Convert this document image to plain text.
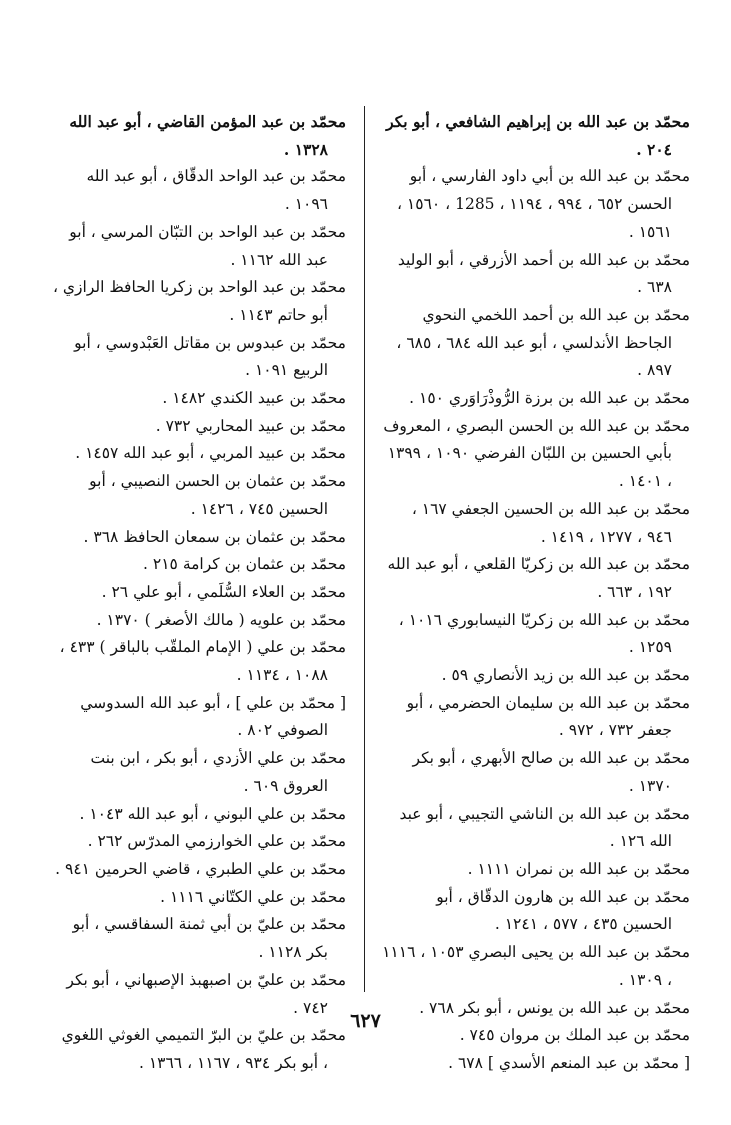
محمّد بن عبد الله بن إبراهيم الشافعي ، أبو بكر ٢٠٤ .
محمّد بن عبد الله بن أبي داود الفارسي ، أبو الحسن ٦٥٢ ، ٩٩٤ ، ١١٩٤ ، 1285 ، ١٥٦٠ ، ١٥٦١ .
محمّد بن عبد الله بن أحمد الأزرقي ، أبو الوليد ٦٣٨ .
محمّد بن عبد الله بن أحمد اللخمي النحوي الجاحظ الأندلسي ، أبو عبد الله ٦٨٤ ، ٦٨٥ ، ٨٩٧ .
محمّد بن عبد الله بن برزة الرُّوذْرَاوَري ١٥٠ .
محمّد بن عبد الله بن الحسن البصري ، المعروف بأبي الحسين بن اللبّان الفرضي ١٠٩٠ ، ١٣٩٩ ، ١٤٠١ .
محمّد بن عبد الله بن الحسين الجعفي ١٦٧ ، ٩٤٦ ، ١٢٧٧ ، ١٤١٩ .
محمّد بن عبد الله بن زكريّا القلعي ، أبو عبد الله ١٩٢ ، ٦٦٣ .
محمّد بن عبد الله بن زكريّا النيسابوري ١٠١٦ ، ١٢٥٩ .
محمّد بن عبد الله بن زيد الأنصاري ٥٩ .
محمّد بن عبد الله بن سليمان الحضرمي ، أبو جعفر ٧٣٢ ، ٩٧٢ .
محمّد بن عبد الله بن صالح الأبهري ، أبو بكر ١٣٧٠ .
محمّد بن عبد الله بن الناشي التجيبي ، أبو عبد الله ١٢٦ .
محمّد بن عبد الله بن نمران ١١١١ .
محمّد بن عبد الله بن هارون الدقّاق ، أبو الحسين ٤٣٥ ، ٥٧٧ ، ١٢٤١ .
محمّد بن عبد الله بن يحيى البصري ١٠٥٣ ، ١١١٦ ، ١٣٠٩ .
محمّد بن عبد الله بن يونس ، أبو بكر ٧٦٨ .
محمّد بن عبد الملك بن مروان ٧٤٥ .
[ محمّد بن عبد المنعم الأسدي ] ٦٧٨ .
محمّد بن عبد المؤمن القاضي ، أبو عبد الله ١٣٢٨ .
محمّد بن عبد الواحد الدقّاق ، أبو عبد الله ١٠٩٦ .
محمّد بن عبد الواحد بن التبّان المرسي ، أبو عبد الله ١١٦٢ .
محمّد بن عبد الواحد بن زكريا الحافظ الرازي ، أبو حاتم ١١٤٣ .
محمّد بن عبدوس بن مقاتل العَبْدوسي ، أبو الربيع ١٠٩١ .
محمّد بن عبيد الكندي ١٤٨٢ .
محمّد بن عبيد المحاربي ٧٣٢ .
محمّد بن عبيد المربي ، أبو عبد الله ١٤٥٧ .
محمّد بن عثمان بن الحسن النصيبي ، أبو الحسين ٧٤٥ ، ١٤٢٦ .
محمّد بن عثمان بن سمعان الحافظ ٣٦٨ .
محمّد بن عثمان بن كرامة ٢١٥ .
محمّد بن العلاء السُّلَمي ، أبو علي ٢٦ .
محمّد بن علويه ( مالك الأصغر ) ١٣٧٠ .
محمّد بن علي ( الإمام الملقّب بالباقر ) ٤٣٣ ، ١٠٨٨ ، ١١٣٤ .
[ محمّد بن علي ] ، أبو عبد الله السدوسي الصوفي ٨٠٢ .
محمّد بن علي الأزدي ، أبو بكر ، ابن بنت العروق ٦٠٩ .
محمّد بن علي البوني ، أبو عبد الله ١٠٤٣ .
محمّد بن علي الخوارزمي المدرّس ٢٦٢ .
محمّد بن علي الطبري ، قاضي الحرمين ٩٤١ .
محمّد بن علي الكتّاني ١١١٦ .
محمّد بن عليّ بن أبي ثمنة السفاقسي ، أبو بكر ١١٢٨ .
محمّد بن عليّ بن اصبهبذ الإصبهاني ، أبو بكر ٧٤٢ .
محمّد بن عليّ بن البرّ التميمي الغوثي اللغوي ، أبو بكر ٩٣٤ ، ١١٦٧ ، ١٣٦٦ .
٦٢٧
